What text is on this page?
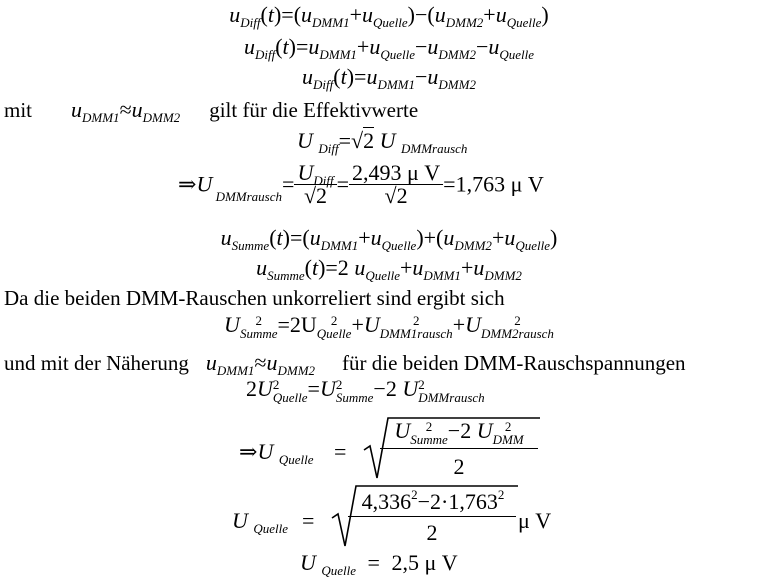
$u_{Diff}(t)=(u_{DMM1}+u_{Quelle})-(u_{DMM2}+u_{Quelle})$
$u_{Diff}(t)=u_{DMM1}+u_{Quelle}-u_{DMM2}-u_{Quelle}$
$u_{Diff}(t)=u_{DMM1}-u_{DMM2}$
mit $u_{DMM1}\approx u_{DMM2}$ gilt für die Effektivwerte
U $_{Diff}$=√2 U $_{DMMrausch}$
⇒U $_{DMMrausch}= \frac{U_{Diff}}{√2} = \frac{\text{2,493 μ V}}{√2} =1,763$ μ V
$u_{Summe}(t)=(u_{DMM1}+u_{Quelle})+(u_{DMM2}+u_{Quelle})$
$u_{Summe}(t)=2$ $u_{Quelle}+u_{DMM1}+u_{DMM2}$
Da die beiden DMM-Rauschen unkorreliert sind ergibt sich
U	2
Summe =2U	2
Quelle +U	2
DMM1rausch +U	2
DMM2rausch
und mit der Näherung $u_{DMM1}\approx u_{DMM2}$ für die beiden DMM-Rauschspannungen
2U 2
Quelle =U 2
Summe −2 U 2
DMMrausch
⇒U $_{Quelle}$ =
U	2
Summe −2 U 2
DMM
2
U $_{Quelle}$ =
$4,336^2-2\cdot 1,763^2$
2	μ V
U $_{Quelle}$ = 2,5 μ V
